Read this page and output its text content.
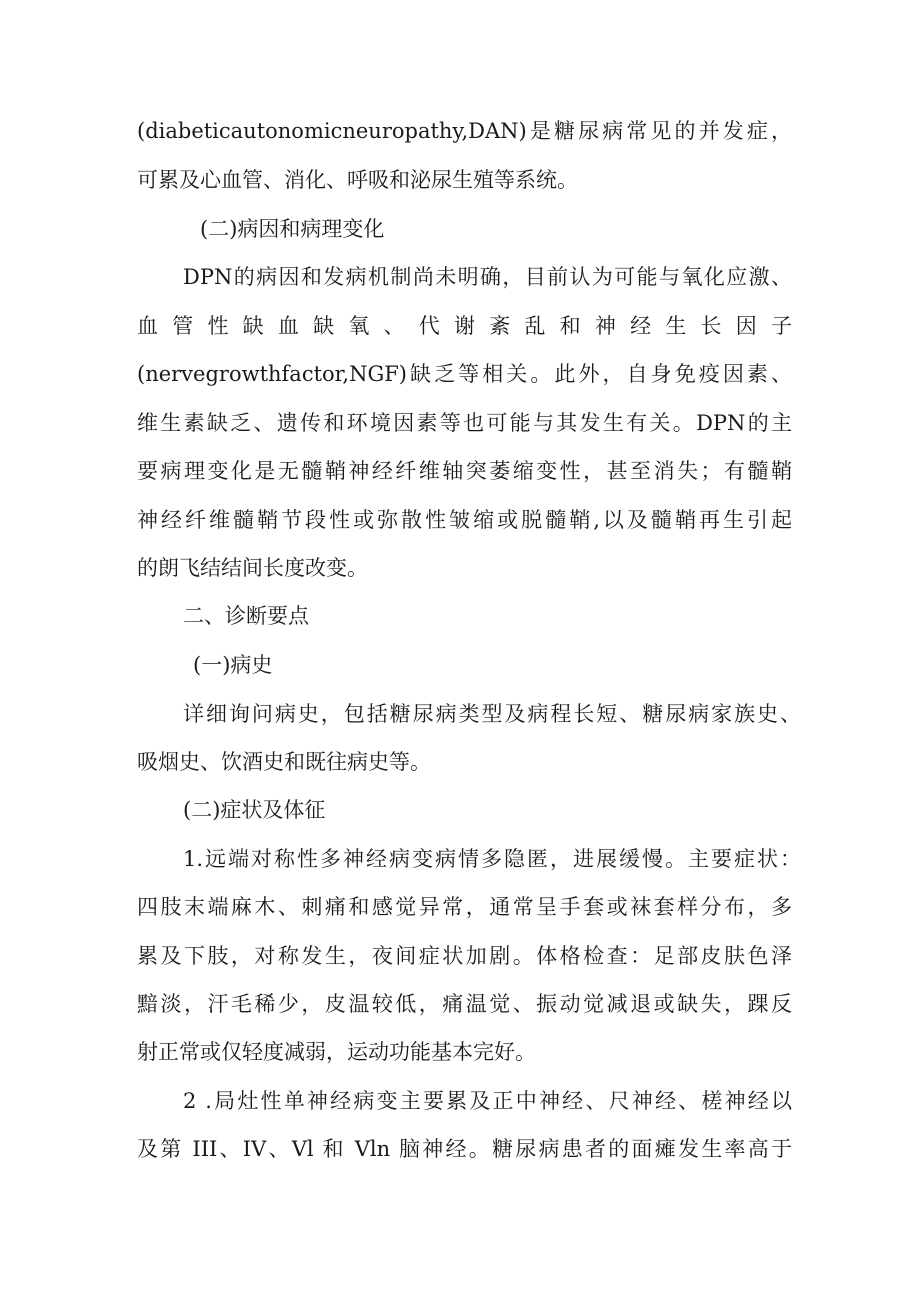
(diabeticautonomicneuropathy,DAN)是糖尿病常见的并发症，
可累及心血管、消化、呼吸和泌尿生殖等系统。
(二)病因和病理变化
DPN的病因和发病机制尚未明确，目前认为可能与氧化应激、
血管性缺血缺氧、代谢紊乱和神经生长因子
(nervegrowthfactor,NGF)缺乏等相关。此外，自身免疫因素、
维生素缺乏、遗传和环境因素等也可能与其发生有关。DPN的主
要病理变化是无髓鞘神经纤维轴突萎缩变性，甚至消失；有髓鞘
神经纤维髓鞘节段性或弥散性皱缩或脱髓鞘,以及髓鞘再生引起
的朗飞结结间长度改变。
二、诊断要点
(一)病史
详细询问病史，包括糖尿病类型及病程长短、糖尿病家族史、
吸烟史、饮酒史和既往病史等。
(二)症状及体征
1.远端对称性多神经病变病情多隐匿，进展缓慢。主要症状：
四肢末端麻木、刺痛和感觉异常，通常呈手套或袜套样分布，多
累及下肢，对称发生，夜间症状加剧。体格检查：足部皮肤色泽
黯淡，汗毛稀少，皮温较低，痛温觉、振动觉减退或缺失，踝反
射正常或仅轻度减弱，运动功能基本完好。
2 .局灶性单神经病变主要累及正中神经、尺神经、槎神经以
及第 III、IV、Vl 和 Vln 脑神经。糖尿病患者的面瘫发生率高于
